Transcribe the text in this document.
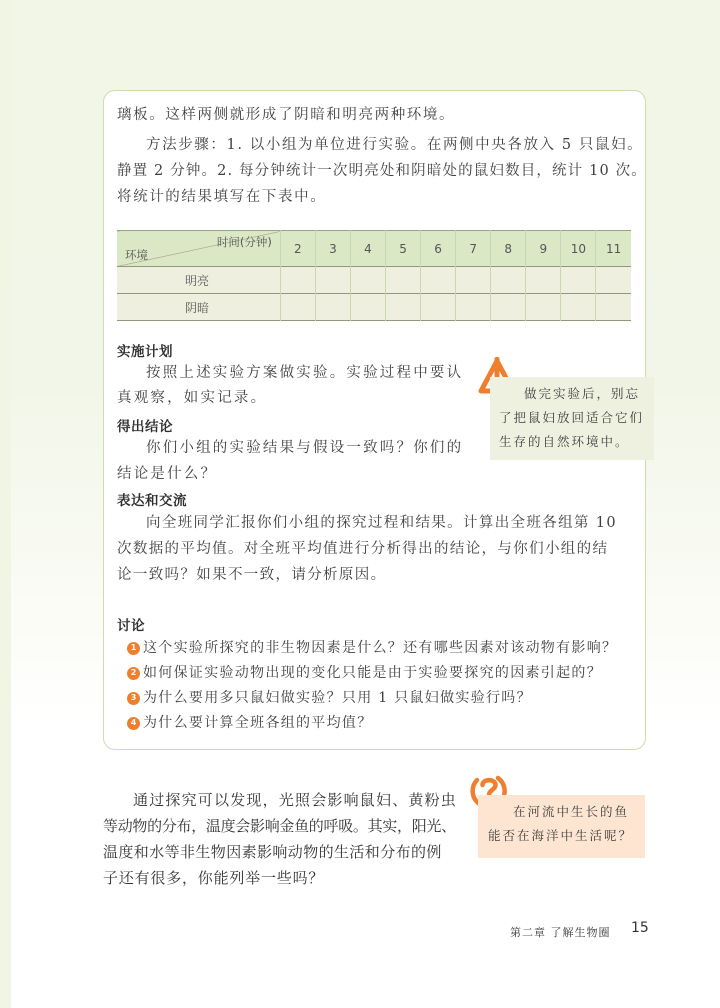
璃板。这样两侧就形成了阴暗和明亮两种环境。
方法步骤：1. 以小组为单位进行实验。在两侧中央各放入 5 只鼠妇。
静置 2 分钟。2. 每分钟统计一次明亮处和阴暗处的鼠妇数目，统计 10 次。
将统计的结果填写在下表中。
时间(分钟)
环境	2	3	4	5	6	7	8	9	10	11
明亮										
阴暗										
实施计划
按照上述实验方案做实验。实验过程中要认
真观察，如实记录。
得出结论
你们小组的实验结果与假设一致吗？你们的
结论是什么？
做完实验后，别忘
了把鼠妇放回适合它们
生存的自然环境中。
表达和交流
向全班同学汇报你们小组的探究过程和结果。计算出全班各组第 10
次数据的平均值。对全班平均值进行分析得出的结论，与你们小组的结
论一致吗？如果不一致，请分析原因。
讨论
1 这个实验所探究的非生物因素是什么？还有哪些因素对该动物有影响？
2 如何保证实验动物出现的变化只能是由于实验要探究的因素引起的？
3 为什么要用多只鼠妇做实验？只用 1 只鼠妇做实验行吗？
4 为什么要计算全班各组的平均值？
通过探究可以发现，光照会影响鼠妇、黄粉虫
等动物的分布，温度会影响金鱼的呼吸。其实，阳光、
温度和水等非生物因素影响动物的生活和分布的例
子还有很多，你能列举一些吗？
在河流中生长的鱼
能否在海洋中生活呢？
第二章 了解生物圈 15
